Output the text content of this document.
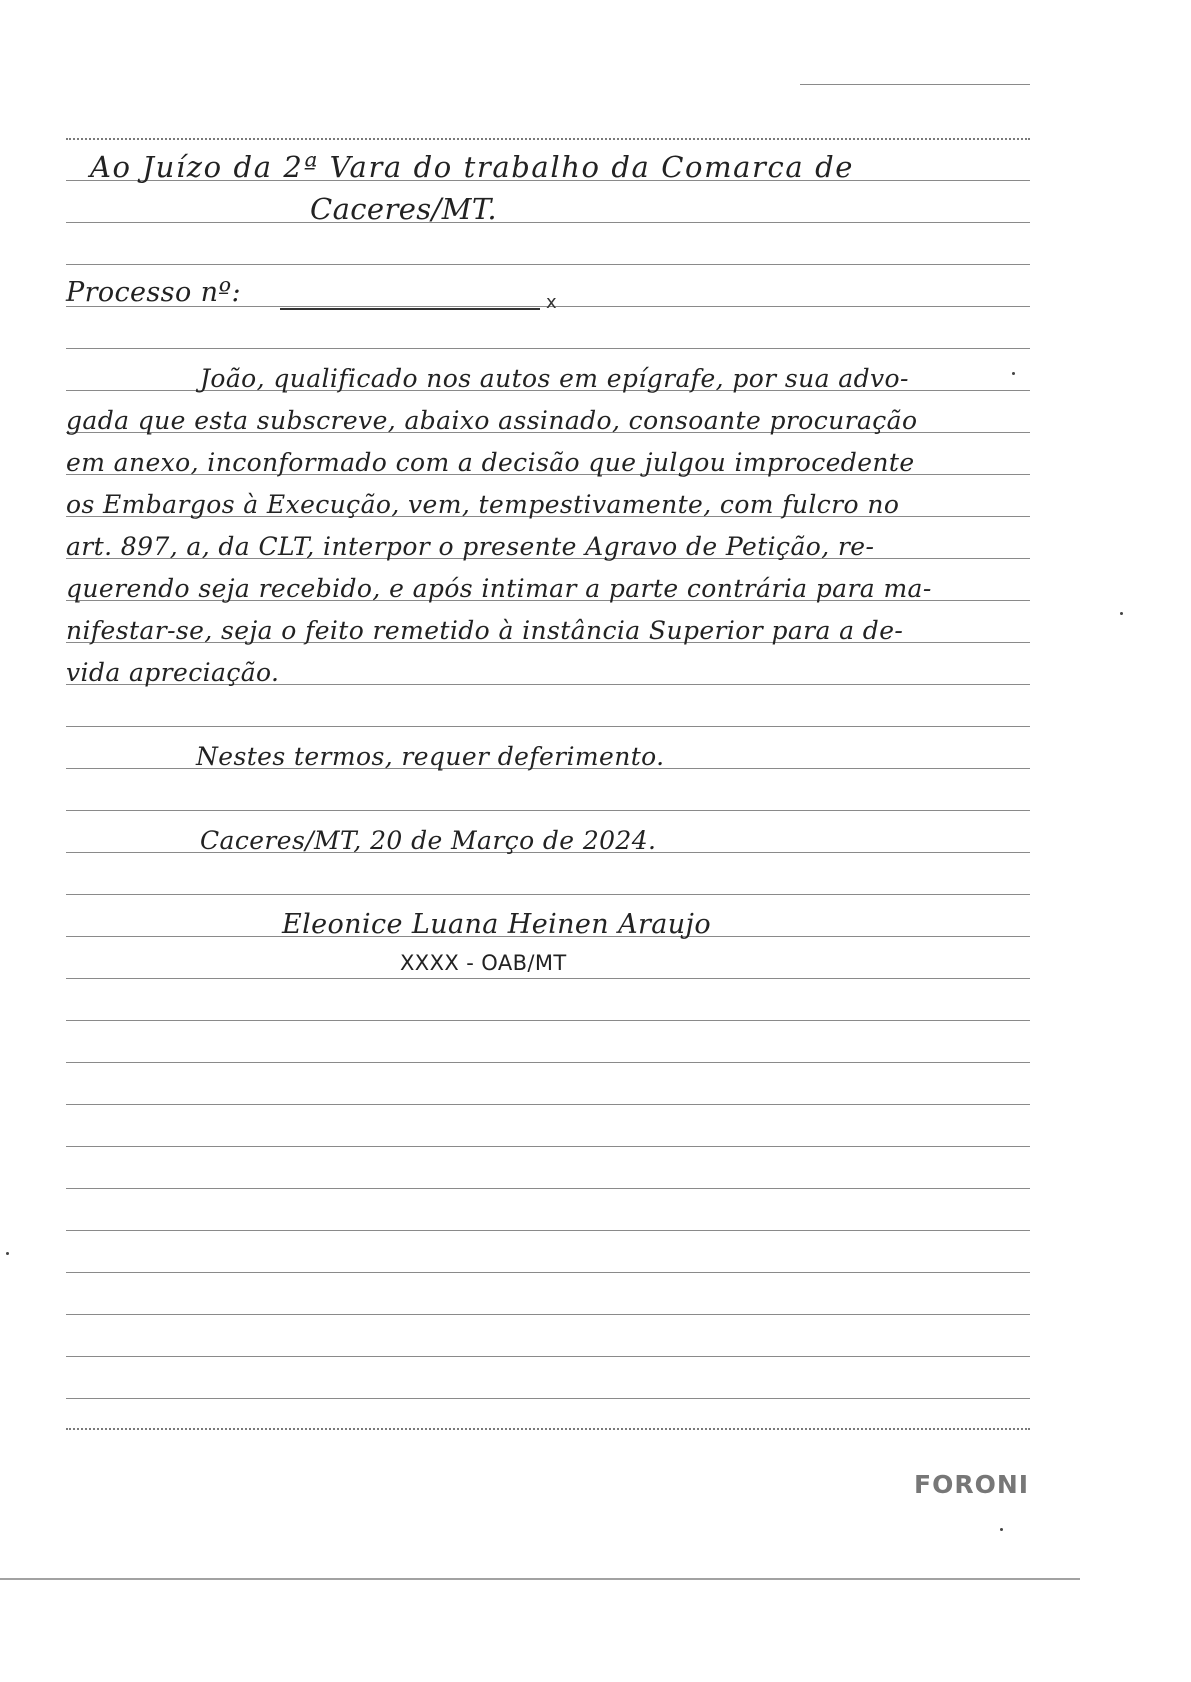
Ao Juízo da 2ª Vara do trabalho da Comarca de
Caceres/MT.
Processo nº:	x
João, qualificado nos autos em epígrafe, por sua advo-
gada que esta subscreve, abaixo assinado, consoante procuração
em anexo, inconformado com a decisão que julgou improcedente
os Embargos à Execução, vem, tempestivamente, com fulcro no
art. 897, a, da CLT, interpor o presente Agravo de Petição, re-
querendo seja recebido, e após intimar a parte contrária para ma-
nifestar-se, seja o feito remetido à instância Superior para a de-
vida apreciação.
Nestes termos, requer deferimento.
Caceres/MT, 20 de Março de 2024.
Eleonice Luana Heinen Araujo
XXXX - OAB/MT
FORONI
